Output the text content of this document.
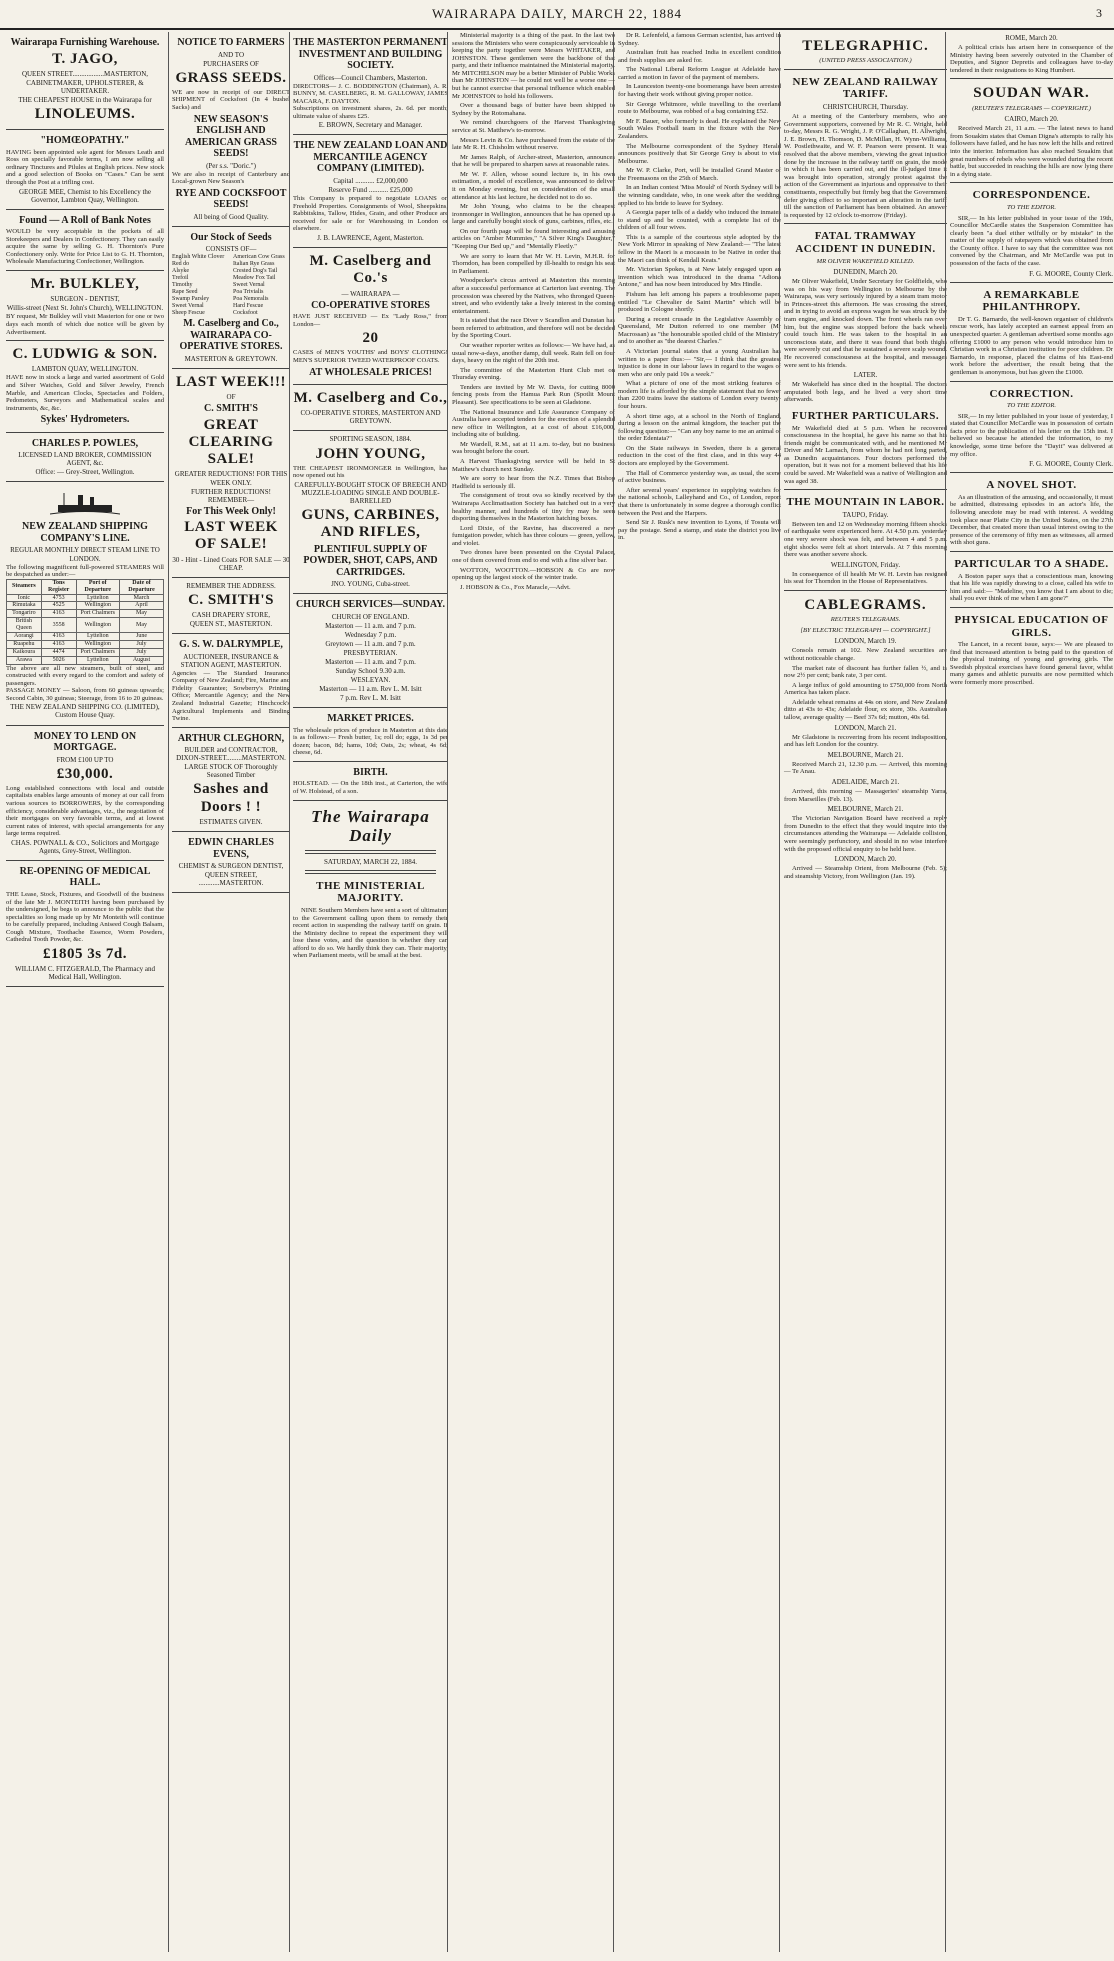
WAIRARAPA DAILY, MARCH 22, 1884	3
Wairarapa Furnishing Warehouse.
T. JAGO,
QUEEN STREET..................MASTERTON,
CABINETMAKER, UPHOLSTERER, & UNDERTAKER.
THE CHEAPEST HOUSE in the Wairarapa for
LINOLEUMS.
"HOMŒOPATHY."
HAVING been appointed sole agent for Messrs Leath and Ross on specially favorable terms, I am now selling all ordinary Tinctures and Pilules at English prices. New stock and a good selection of Books on "Cases." Can be sent through the Post at a trifling cost.
GEORGE MEE, Chemist to his Excellency the Governor, Lambton Quay, Wellington.
Found — A Roll of Bank Notes
WOULD be very acceptable in the pockets of all Storekeepers and Dealers in Confectionery. They can easily acquire the same by selling G. H. Thornton's Pure Confectionery only. Write for Price List to G. H. Thornton, Wholesale Manufacturing Confectioner, Wellington.
Mr. BULKLEY,
SURGEON - DENTIST,
Willis-street (Next St. John's Church), WELLINGTON.
BY request, Mr Bulkley will visit Masterton for one or two days each month of which due notice will be given by Advertisement.
C. LUDWIG & SON.
LAMBTON QUAY, WELLINGTON.
HAVE now in stock a large and varied assortment of Gold and Silver Watches, Gold and Silver Jewelry, French Marble, and American Clocks, Spectacles and Folders, Pedometers, Surveyors and Mathematical scales and instruments, &c, &c.
Sykes' Hydrometers.
CHARLES P. POWLES,
LICENSED LAND BROKER, COMMISSION AGENT, &c.
Office: — Grey-Street, Wellington.
NEW ZEALAND SHIPPING COMPANY'S LINE.
REGULAR MONTHLY DIRECT STEAM LINE TO LONDON.
The following magnificent full-powered STEAMERS Will be despatched as under:—
Steamers	Tons Register	Port of Departure	Date of Departure
Ionic	4753	Lyttelton	March
Rimutaka	4525	Wellington	April
Tongariro	4163	Port Chalmers	May
British Queen	3558	Wellington	May
Aorangi	4163	Lyttelton	June
Ruapehu	4163	Wellington	July
Kaikoura	4474	Port Chalmers	July
Arawa	5026	Lyttelton	August
The above are all new steamers, built of steel, and constructed with every regard to the comfort and safety of passengers.
PASSAGE MONEY — Saloon, from 60 guineas upwards; Second Cabin, 30 guineas; Steerage, from 16 to 20 guineas.
THE NEW ZEALAND SHIPPING CO. (LIMITED), Custom House Quay.
MONEY TO LEND ON MORTGAGE.
FROM £100 UP TO
£30,000.
Long established connections with local and outside capitalists enables large amounts of money at our call from various sources to BORROWERS, by the corresponding efficiency, considerable advantages, viz., the negotiation of their mortgages on very favorable terms, and at lowest current rates of interest, with special arrangements for any large terms required.
CHAS. POWNALL & CO., Solicitors and Mortgage Agents, Grey-Street, Wellington.
RE-OPENING OF MEDICAL HALL.
THE Lease, Stock, Fixtures, and Goodwill of the business of the late Mr J. MONTEITH having been purchased by the undersigned, he begs to announce to the public that the specialities so long made up by Mr Monteith will continue to be carefully prepared, including Aniseed Cough Balsam, Cough Mixture, Toothache Essence, Worm Powders, Cathedral Tooth Powder, &c.
£1805 3s 7d.
WILLIAM C. FITZGERALD, The Pharmacy and Medical Hall, Wellington.
NOTICE TO FARMERS
AND TO
PURCHASERS OF
GRASS SEEDS.
WE are now in receipt of our DIRECT SHIPMENT of Cocksfoot (In 4 bushel Sacks) and
NEW SEASON'S ENGLISH AND AMERICAN GRASS SEEDS!
(Per s.s. "Doric.")
We are also in receipt of Canterbury and Local-grown New Season's
RYE AND COCKSFOOT SEEDS!
All being of Good Quality.
Our Stock of Seeds
CONSISTS OF—
English White Clover	American Cow Grass
Red do	Italian Rye Grass
Alsyke	Crested Dog's Tail
Trefoil	Meadow Fox Tail
Timothy	Sweet Vernal
Rape Seed	Poa Trivialis
Swamp Parsley	Poa Nemoralis
Sweet Vernal	Hard Fescue
Sheep Fescue	Cocksfoot
M. Caselberg and Co., WAIRARAPA CO-OPERATIVE STORES.
MASTERTON & GREYTOWN.
LAST WEEK!!!
OF
C. SMITH'S
GREAT CLEARING SALE!
GREATER REDUCTIONS! FOR THIS WEEK ONLY.
FURTHER REDUCTIONS! REMEMBER—
For This Week Only!
LAST WEEK OF SALE!
30 - Hint - Lined Coats FOR SALE — 30 CHEAP.
REMEMBER THE ADDRESS.
C. SMITH'S
CASH DRAPERY STORE,
QUEEN ST., MASTERTON.
G. S. W. DALRYMPLE,
AUCTIONEER, INSURANCE & STATION AGENT, MASTERTON.
Agencies — The Standard Insurance Company of New Zealand; Fire, Marine and Fidelity Guarantee; Sowberry's Printing Office; Mercantile Agency; and the New Zealand Industrial Gazette; Hinchcock's Agricultural Implements and Binding Twine.
ARTHUR CLEGHORN,
BUILDER and CONTRACTOR, DIXON-STREET.........MASTERTON.
LARGE STOCK OF Thoroughly Seasoned Timber
Sashes and Doors ! !
ESTIMATES GIVEN.
EDWIN CHARLES EVENS,
CHEMIST & SURGEON DENTIST,
QUEEN STREET, ............MASTERTON.
THE MASTERTON PERMANENT INVESTMENT AND BUILDING SOCIETY.
Offices—Council Chambers, Masterton.
DIRECTORS— J. C. BODDINGTON (Chairman), A. R. BUNNY, M. CASELBERG, R. M. GALLOWAY, JAMES MACARA, F. DAYTON.
Subscriptions on investment shares, 2s. 6d. per month; ultimate value of shares £25.
E. BROWN, Secretary and Manager.
THE NEW ZEALAND LOAN AND MERCANTILE AGENCY COMPANY (LIMITED).
Capital ........... £2,000,000
Reserve Fund ........... £25,000
This Company is prepared to negotiate LOANS on Freehold Properties. Consignments of Wool, Sheepskins, Rabbitskins, Tallow, Hides, Grain, and other Produce are received for sale or for Warehousing in London or elsewhere.
J. B. LAWRENCE, Agent, Masterton.
M. Caselberg and Co.'s
— WAIRARAPA —
CO-OPERATIVE STORES
HAVE JUST RECEIVED — Ex "Lady Ross," from London—
20
CASES of MEN'S YOUTHS' and BOYS' CLOTHING! MEN'S SUPERIOR TWEED WATERPROOF COATS.
AT WHOLESALE PRICES!
M. Caselberg and Co.,
CO-OPERATIVE STORES, MASTERTON AND GREYTOWN.
SPORTING SEASON, 1884.
JOHN YOUNG,
THE CHEAPEST IRONMONGER in Wellington, has now opened out his
CAREFULLY-BOUGHT STOCK OF BREECH AND MUZZLE-LOADING SINGLE AND DOUBLE-BARRELLED
GUNS, CARBINES, AND RIFLES,
PLENTIFUL SUPPLY OF POWDER, SHOT, CAPS, AND CARTRIDGES.
JNO. YOUNG, Cuba-street.
CHURCH SERVICES—SUNDAY.
CHURCH OF ENGLAND.
Masterton — 11 a.m. and 7 p.m.
Wednesday 7 p.m.
Greytown — 11 a.m. and 7 p.m.
PRESBYTERIAN.
Masterton — 11 a.m. and 7 p.m.
Sunday School 9.30 a.m.
WESLEYAN.
Masterton — 11 a.m. Rev L. M. Isitt
7 p.m. Rev L. M. Isitt
MARKET PRICES.
The wholesale prices of produce in Masterton at this date is as follows:— Fresh butter, 1s; roll do; eggs, 1s 3d per dozen; bacon, 8d; hams, 10d; Oats, 2s; wheat, 4s 6d; cheese, 6d.
BIRTH.
HOLSTEAD. — On the 18th inst., at Carterton, the wife of W. Holstead, of a son.
The Wairarapa Daily
SATURDAY, MARCH 22, 1884.
THE MINISTERIAL MAJORITY.

NINE Southern Members have sent a sort of ultimatum to the Government calling upon them to remedy their recent action in suspending the railway tariff on grain. If the Ministry decline to repeat the experiment they will lose these votes, and the question is whether they can afford to do so. We hardly think they can. Their majority, when Parliament meets, will be small at the best.

Ministerial majority is a thing of the past. In the last two sessions the Ministers who were conspicuously serviceable in keeping the party together were Messrs WHITAKER, and JOHNSTON. These gentlemen were the backbone of that party, and their influence maintained the Ministerial majority. Mr MITCHELSON may be a better Minister of Public Works than Mr JOHNSTON — he could not well be a worse one — but he cannot exercise that personal influence which enabled Mr JOHNSTON to hold his followers.

Over a thousand bags of butter have been shipped to Sydney by the Rotomahana.

We remind churchgoers of the Harvest Thanksgiving service at St. Matthew's to-morrow.

Messrs Levin & Co. have purchased from the estate of the late Mr R. H. Chisholm without reserve.

Mr James Ralph, of Archer-street, Masterton, announces that he will be prepared to sharpen saws at reasonable rates.

Mr W. F. Allen, whose sound lecture is, in his own estimation, a model of excellence, was announced to deliver it on Monday evening, but on consideration of the small attendance at his last lecture, he decided not to do so.

Mr John Young, who claims to be the cheapest ironmonger in Wellington, announces that he has opened up a large and carefully bought stock of guns, carbines, rifles, etc.

On our fourth page will be found interesting and amusing articles on "Amber Mummies," "A Silver King's Daughter," "Keeping Our Bed up," and "Mentally Fleetly."

We are sorry to learn that Mr W. H. Levin, M.H.R. for Thorndon, has been compelled by ill-health to resign his seat in Parliament.

Woodpecker's circus arrived at Masterton this morning after a successful performance at Carterton last evening. The procession was cheered by the Natives, who thronged Queen-street, and who evidently take a lively interest in the coming entertainment.

It is stated that the race Diver v Scandlon and Dunstan has been referred to arbitration, and therefore will not be decided by the Sporting Court.

Our weather reporter writes as follows:— We have had, as usual now-a-days, another damp, dull week. Rain fell on four days, heavy on the night of the 20th inst.

The committee of the Masterton Hunt Club met on Thursday evening.

Tenders are invited by Mr W. Davis, for cutting 8000 fencing posts from the Hamua Park Run (Spotlit Mount Pleasant). See specifications to be seen at Gladstone.

The National Insurance and Life Assurance Company of Australia have accepted tenders for the erection of a splendid new office in Wellington, at a cost of about £16,000, including site of building.

Mr Wardell, R.M., sat at 11 a.m. to-day, but no business was brought before the court.

A Harvest Thanksgiving service will be held in St Matthew's church next Sunday.

We are sorry to hear from the N.Z. Times that Bishop Hadfield is seriously ill.

The consignment of trout ova so kindly received by the Wairarapa Acclimatisation Society has hatched out in a very healthy manner, and hundreds of tiny fry may be seen disporting themselves in the Masterton hatching boxes.

Lord Dixie, of the Ravine, has discovered a new fumigation powder, which has three colours — green, yellow, and violet.

Two drones have been presented on the Crystal Palace, one of them covered from end to end with a fine silver bar.

WOTTON, WOOTTON.—HOBSON & Co are now opening up the largest stock of the winter trade.

J. HOBSON & Co., Fox Maracle,—Advt.

Dr R. Lefenfeld, a famous German scientist, has arrived in Sydney.

Australian fruit has reached India in excellent condition and fresh supplies are asked for.

The National Liberal Reform League at Adelaide have carried a motion in favor of the payment of members.

In Launceston twenty-one boomerangs have been arrested for having their work without giving proper notice.

Sir George Whitmore, while travelling to the overland route to Melbourne, was robbed of a bag containing £52.

Mr F. Bauer, who formerly is dead. He explained the New South Wales Football team in the fixture with the New Zealanders.

The Melbourne correspondent of the Sydney Herald announces positively that Sir George Grey is about to visit Melbourne.

Mr W. P. Clarke, Port, will be installed Grand Master of the Freemasons on the 25th of March.

In an Indian contest 'Miss Mould' of North Sydney will be the winning candidate, who, in one week after the wedding, applied to his bride to leave for Sydney.

A Georgia paper tells of a daddy who induced the inmates to stand up and be counted, with a complete list of the children of all four wives.

This is a sample of the courteous style adopted by the New York Mirror in speaking of New Zealand:— "The latest fellow in the Maori is a mocassin to be Native in order that the Maori can think of Kendall Keats."

Mr. Victorian Spokes, is at New lately engaged upon an invention which was introduced in the drama "Adiona Antone," and has now been introduced by Mrs Hindle.

Fishum has left among his papers a troublesome paper, entitled "Le Chevalier de Saint Martin" which will be produced in Cologne shortly.

During a recent crusade in the Legislative Assembly of Queensland, Mr Dutton referred to one member (Mr Macrossan) as "the honourable spoiled child of the Ministry" and to another as "the dearest Charles."

A Victorian journal states that a young Australian has written to a paper thus:— "Sir,— I think that the greatest injustice is done in our labour laws in regard to the wages of men who are only paid 10s a week."

What a picture of one of the most striking features of modern life is afforded by the simple statement that no fewer than 2200 trains leave the stations of London every twenty-four hours.

A short time ago, at a school in the North of England, during a lesson on the animal kingdom, the teacher put the following question:— "Can any boy name to me an animal of the order Edentata?"

On the State railways in Sweden, there is a general reduction in the cost of the first class, and in this way 44 doctors are employed by the Government.

The Hall of Commerce yesterday was, as usual, the scene of active business.

After several years' experience in supplying watches for the national schools, Lalleyhand and Co., of London, report that there is unfortunately in some degree a thorough conflict between the Pest and the Harpers.

Send Sir J. Rusk's new invention to Lyons, if Tosuta will pay the postage. Send a stamp, and state the district you live in.

TELEGRAPHIC.
(UNITED PRESS ASSOCIATION.)
NEW ZEALAND RAILWAY TARIFF.
CHRISTCHURCH, Thursday.

At a meeting of the Canterbury members, who are Government supporters, convened by Mr R. C. Wright, held to-day, Messrs R. G. Wright, J. P. O'Callaghan, H. Allwright, J. E. Brown, H. Thomson, D. McMillan, H. Wynn-Williams, W. Postlethwaite, and W. F. Pearson were present. It was resolved that the above members, viewing the great injustice done by the increase in the railway tariff on grain, the mode in which it has been carried out, and the ill-judged time it was brought into operation, strongly protest against the action of the Government as injurious and oppressive to their constituents, respectfully but firmly beg that the Government defer giving effect to so important an alteration in the tariff till the sanction of Parliament has been obtained. An answer is requested by 12 o'clock to-morrow (Friday).

FATAL TRAMWAY ACCIDENT IN DUNEDIN.
MR OLIVER WAKEFIELD KILLED.
DUNEDIN, March 20.

Mr Oliver Wakefield, Under Secretary for Goldfields, who was on his way from Wellington to Melbourne by the Wairarapa, was very seriously injured by a steam tram motor in Princes-street this afternoon. He was crossing the street, and in trying to avoid an express wagon he was struck by the tram engine, and knocked down. The front wheels ran over him, but the engine was stopped before the back wheels could touch him. He was taken to the hospital in an unconscious state, and there it was found that both thighs were severely cut and that he sustained a severe scalp wound. He recovered consciousness at the hospital, and messages were sent to his friends.

LATER.

Mr Wakefield has since died in the hospital. The doctors amputated both legs, and he lived a very short time afterwards.

FURTHER PARTICULARS.

Mr Wakefield died at 5 p.m. When he recovered consciousness in the hospital, he gave his name so that his friends might be communicated with, and he mentioned Mr Driver and Mr Larnach, from whom he had not long parted, as Dunedin acquaintances. Four doctors performed the operation, but it was not for a moment believed that his life could be saved. Mr Wakefield was a native of Wellington and was aged 38.

THE MOUNTAIN IN LABOR.
TAUPO, Friday.

Between ten and 12 on Wednesday morning fifteen shocks of earthquake were experienced here. At 4.50 p.m. yesterday one very severe shock was felt, and between 4 and 5 p.m. eight shocks were felt at short intervals. At 7 this morning there was another severe shock.

WELLINGTON, Friday.

In consequence of ill health Mr W. H. Levin has resigned his seat for Thorndon in the House of Representatives.

CABLEGRAMS.
REUTER'S TELEGRAMS.
[BY ELECTRIC TELEGRAPH — COPYRIGHT.]
LONDON, March 19.

Consols remain at 102. New Zealand securities are without noticeable change.

The market rate of discount has further fallen ½, and is now 2½ per cent; bank rate, 3 per cent.

A large influx of gold amounting to £750,000 from North America has taken place.

Adelaide wheat remains at 44s on store, and New Zealand ditto at 43s to 43s; Adelaide flour, ex store, 30s. Australian tallow, average quality — Beef 37s 6d; mutton, 40s 6d.

LONDON, March 21.

Mr Gladstone is recovering from his recent indisposition, and has left London for the country.

MELBOURNE, March 21.

Received March 21, 12.30 p.m. — Arrived, this morning — Te Anau.

ADELAIDE, March 21.

Arrived, this morning — Massageries' steamship Yarra, from Marseilles (Feb. 13).

MELBOURNE, March 21.

The Victorian Navigation Board have received a reply from Dunedin to the effect that they would inquire into the circumstances attending the Wairarapa — Adelaide collision, were seemingly perfunctory, and should in no wise interfere with the proposed official enquiry to be held here.

LONDON, March 20.

Arrived — Steamship Orient, from Melbourne (Feb. 5); and steamship Victory, from Wellington (Jan. 19).

ROME, March 20.

A political crisis has arisen here in consequence of the Ministry having been severely outvoted in the Chamber of Deputies, and Signor Depretis and colleagues have to-day tendered in their resignations to King Humbert.

SOUDAN WAR.
(REUTER'S TELEGRAMS — COPYRIGHT.)
CAIRO, March 20.

Received March 21, 11 a.m. — The latest news to hand from Souakim states that Osman Digna's attempts to rally his followers have failed, and he has now left the hills and retired into the interior. Information has also reached Souakim that great numbers of rebels who were wounded during the recent battle, but succeeded in reaching the hills are now lying there in a dying state.

CORRESPONDENCE.
TO THE EDITOR.

SIR,— In his letter published in your issue of the 19th, Councillor McCardle states the Suspension Committee has clearly been "a duel either wilfully or by mistake" in the matter of the supply of ratepayers which was obtained from the County office. I have to say that the committee was not convened by the Chairman, and Mr McCardle was put in possession of the facts of the case.

F. G. MOORE, County Clerk.
A REMARKABLE PHILANTHROPY.

Dr T. G. Barnardo, the well-known organiser of children's rescue work, has lately accepted an earnest appeal from an unexpected quarter. A gentleman advertised some months ago offering £1000 to any person who would introduce him to Christian work in a Christian institution for poor children. Dr Barnardo, in response, placed the claims of his East-end work before the advertiser, the result being that the gentleman is anonymous, but has given the £1000.

CORRECTION.
TO THE EDITOR.

SIR,— In my letter published in your issue of yesterday, I stated that Councillor McCardle was in possession of certain facts prior to the publication of his letter on the 15th inst. I believed so because he attended the information, to my knowledge, some time before the "Dayit" was delivered at my office.

F. G. MOORE, County Clerk.
A NOVEL SHOT.

As an illustration of the amusing, and occasionally, it must be admitted, distressing episodes in an actor's life, the following anecdote may be read with interest. A wedding took place near Platte City in the United States, on the 27th December, that created more than usual interest owing to the presence of the ceremony of fifty men as witnesses, all armed with shot guns.

PARTICULAR TO A SHADE.

A Boston paper says that a conscientious man, knowing that his life was rapidly drawing to a close, called his wife to him and said:— "Madeline, you know that I am about to die; shall you ever think of me when I am gone?"

PHYSICAL EDUCATION OF GIRLS.

The Lancet, in a recent issue, says:— We are pleased to find that increased attention is being paid to the question of the physical training of young and growing girls. The Swedish physical exercises have found general favor, whilst many games and athletic pursuits are now permitted which were formerly more proscribed.
